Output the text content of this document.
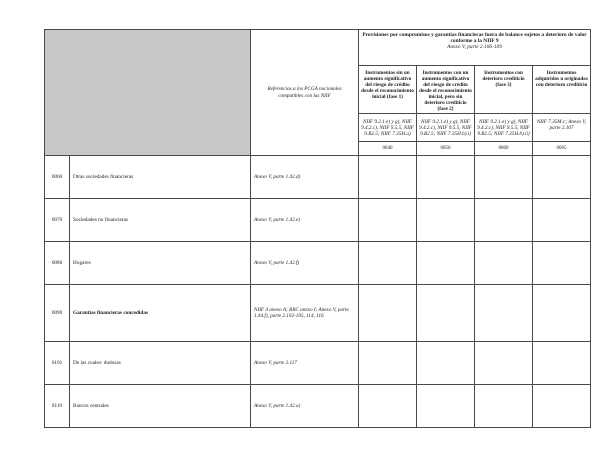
		Referencias a los PCGA nacionales compatibles con las NIIF	Provisiones por compromisos y garantías financieras fuera de balance sujetos a deterioro de valor conforme a la NIIF 9
Anexo V, parte 2.106-109			

			Instrumentos sin un aumento significativo del riesgo de crédito desde el reconocimiento inicial (fase 1)	Instrumentos con un aumento significativo del riesgo de crédito desde el reconocimiento inicial, pero sin deterioro crediticio (fase 2)	Instrumentos con deterioro crediticio (fase 3)	Instrumentos adquiridos u originados con deterioro crediticio
			NIIF 9.2.1.e) y g), NIIF 9.4.2.c), NIIF 9.5.5, NIIF 9.B2.5; NIIF 7.35H.a)	NIIF 9.2.1.e) y g), NIIF 9.4.2.c), NIIF 9.5.5, NIIF 9.B2.5; NIIF 7.35H.b).i)	NIIF 9.2.1.e) y g), NIIF 9.4.2.c), NIIF 9.5.5, NIIF 9.B2.5; NIIF 7.35H.b).ii)	NIIF 7.35M.c; Anexo V, parte 2.107
			0040	0050	0060	0065
0060	Otras sociedades financieras	Anexo V, parte 1.42.d)				
0070	Sociedades no financieras	Anexo V, parte 1.42.e)				
0080	Hogares	Anexo V, parte 1.42.f)				
0090	Garantías financieras concedidas	NIIF 4 anexo A; RRC anexo I; Anexo V, parte 1.44.f), parte 2.102-105, 114, 116				
0101	De las cuales: dudosas	Anexo V, parte 2.117				
0110	Bancos centrales	Anexo V, parte 1.42.a)				
